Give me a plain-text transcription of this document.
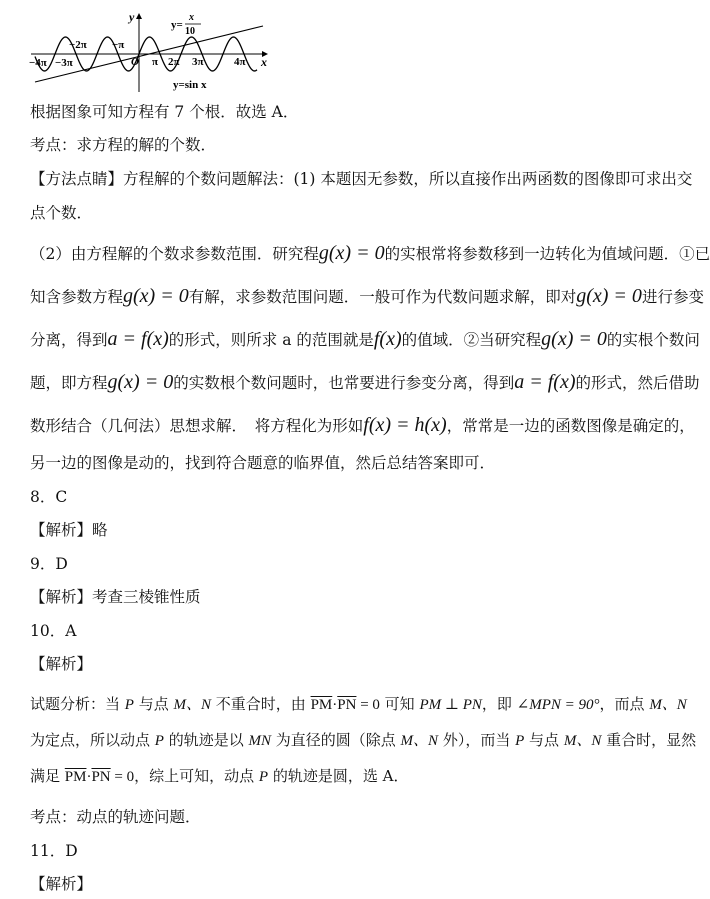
y
x
O
y=
x
10
y=sin x
−4π −3π
−2π −π
π 2π 3π	4π
根据图象可知方程有 7 个根．故选 A．
考点：求方程的解的个数．
【方法点睛】方程解的个数问题解法：(1) 本题因无参数，所以直接作出两函数的图像即可求出交
点个数．
（2）由方程解的个数求参数范围．研究程g(x) = 0的实根常将参数移到一边转化为值域问题．①已
知含参数方程g(x) = 0有解，求参数范围问题．一般可作为代数问题求解，即对g(x) = 0进行参变
分离，得到a = f(x)的形式，则所求 a 的范围就是f(x)的值域．②当研究程g(x) = 0的实根个数问
题，即方程g(x) = 0的实数根个数问题时，也常要进行参变分离，得到a = f(x)的形式，然后借助
数形结合（几何法）思想求解．　将方程化为形如f(x) = h(x)，常常是一边的函数图像是确定的，
另一边的图像是动的，找到符合题意的临界值，然后总结答案即可．
8．C
【解析】略
9．D
【解析】考查三棱锥性质
10．A
【解析】
试题分析：当 P 与点 M、N 不重合时，由 $\overline{PM}\cdot\overline{PN} = 0$ 可知 PM ⊥ PN，即 ∠MPN = 90°，而点 M、N
为定点，所以动点 P 的轨迹是以 MN 为直径的圆（除点 M、N 外），而当 P 与点 M、N 重合时，显然
满足 $\overline{PM}\cdot\overline{PN} = 0$，综上可知，动点 P 的轨迹是圆，选 A．
考点：动点的轨迹问题．
11．D
【解析】
